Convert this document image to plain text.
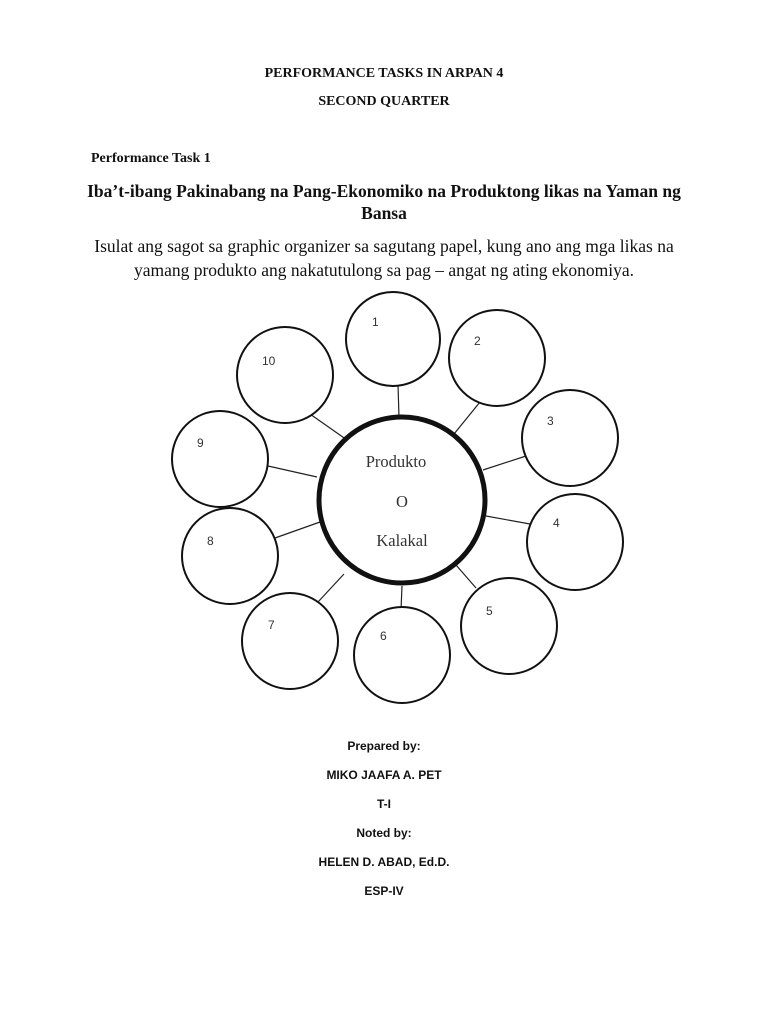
PERFORMANCE TASKS IN ARPAN 4
SECOND QUARTER
Performance Task 1
Iba’t-ibang Pakinabang na Pang-Ekonomiko na Produktong likas na Yaman ng Bansa
Isulat ang sagot sa graphic organizer sa sagutang papel, kung ano ang mga likas na yamang produkto ang nakatutulong sa pag – angat ng ating ekonomiya.
1
2
3
4
5
6
7
8
9
10
Produkto
O
Kalakal
Prepared by:
MIKO JAAFA A. PET
T-I
Noted by:
HELEN D. ABAD, Ed.D.
ESP-IV
